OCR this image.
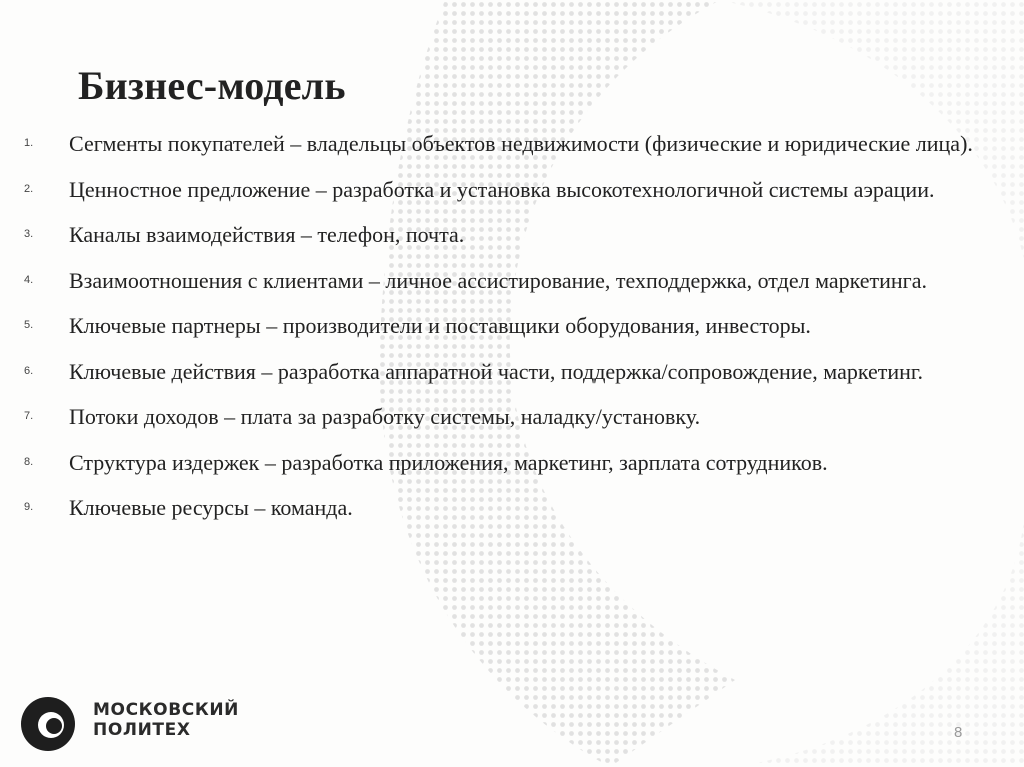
Бизнес-модель
1. Сегменты покупателей – владельцы объектов недвижимости (физические и юридические лица).
2. Ценностное предложение – разработка и установка высокотехнологичной системы аэрации.
3. Каналы взаимодействия – телефон, почта.
4. Взаимоотношения с клиентами – личное ассистирование, техподдержка, отдел маркетинга.
5. Ключевые партнеры – производители и поставщики оборудования, инвесторы.
6. Ключевые действия – разработка аппаратной части, поддержка/сопровождение, маркетинг.
7. Потоки доходов – плата за разработку системы, наладку/установку.
8. Структура издержек – разработка приложения, маркетинг, зарплата сотрудников.
9. Ключевые ресурсы – команда.
МОСКОВСКИЙ
ПОЛИТЕХ	8
